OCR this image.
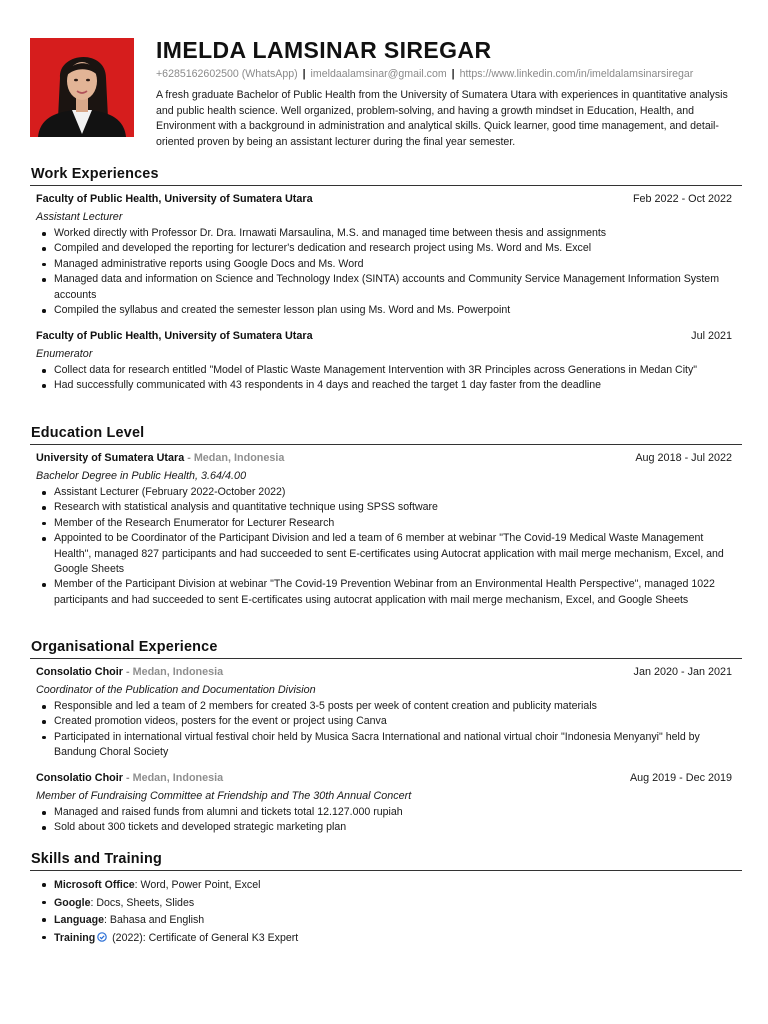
IMELDA LAMSINAR SIREGAR
+6285162602500 (WhatsApp) | imeldaalamsinar@gmail.com | https://www.linkedin.com/in/imeldalamsinarsiregar
A fresh graduate Bachelor of Public Health from the University of Sumatera Utara with experiences in quantitative analysis and public health science. Well organized, problem-solving, and having a growth mindset in Education, Health, and Environment with a background in administration and analytical skills. Quick learner, good time management, and detail-oriented proven by being an assistant lecturer during the final year semester.
Work Experiences
Faculty of Public Health, University of Sumatera Utara	Feb 2022 - Oct 2022
Assistant Lecturer
Worked directly with Professor Dr. Dra. Irnawati Marsaulina, M.S. and managed time between thesis and assignments
Compiled and developed the reporting for lecturer's dedication and research project using Ms. Word and Ms. Excel
Managed administrative reports using Google Docs and Ms. Word
Managed data and information on Science and Technology Index (SINTA) accounts and Community Service Management Information System accounts
Compiled the syllabus and created the semester lesson plan using Ms. Word and Ms. Powerpoint
Faculty of Public Health, University of Sumatera Utara	Jul 2021
Enumerator
Collect data for research entitled "Model of Plastic Waste Management Intervention with 3R Principles across Generations in Medan City"
Had successfully communicated with 43 respondents in 4 days and reached the target 1 day faster from the deadline
Education Level
University of Sumatera Utara - Medan, Indonesia	Aug 2018 - Jul 2022
Bachelor Degree in Public Health, 3.64/4.00
Assistant Lecturer (February 2022-October 2022)
Research with statistical analysis and quantitative technique using SPSS software
Member of the Research Enumerator for Lecturer Research
Appointed to be Coordinator of the Participant Division and led a team of 6 member at webinar "The Covid-19 Medical Waste Management Health", managed 827 participants and had succeeded to sent E-certificates using Autocrat application with mail merge mechanism, Excel, and Google Sheets
Member of the Participant Division at webinar "The Covid-19 Prevention Webinar from an Environmental Health Perspective", managed 1022 participants and had succeeded to sent E-certificates using autocrat application with mail merge mechanism, Excel, and Google Sheets
Organisational Experience
Consolatio Choir - Medan, Indonesia	Jan 2020 - Jan 2021
Coordinator of the Publication and Documentation Division
Responsible and led a team of 2 members for created 3-5 posts per week of content creation and publicity materials
Created promotion videos, posters for the event or project using Canva
Participated in international virtual festival choir held by Musica Sacra International and national virtual choir "Indonesia Menyanyi" held by Bandung Choral Society
Consolatio Choir - Medan, Indonesia	Aug 2019 - Dec 2019
Member of Fundraising Committee at Friendship and The 30th Annual Concert
Managed and raised funds from alumni and tickets total 12.127.000 rupiah
Sold about 300 tickets and developed strategic marketing plan
Skills and Training
Microsoft Office: Word, Power Point, Excel
Google: Docs, Sheets, Slides
Language: Bahasa and English
Training (2022): Certificate of General K3 Expert
